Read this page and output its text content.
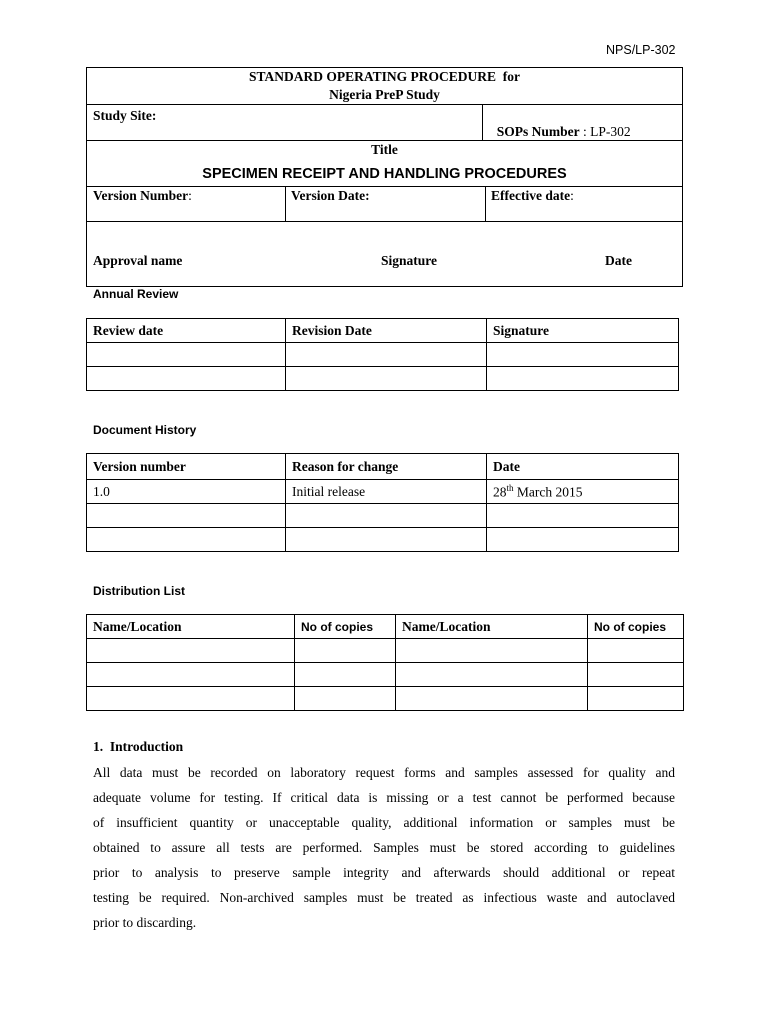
NPS/LP-302
STANDARD OPERATING PROCEDURE  for
Nigeria PreP Study
Study Site:

SOPs Number : LP-302

Title
SPECIMEN RECEIPT AND HANDLING PROCEDURES
Version Number:	Version Date:	Effective date:
Approval name	Signature	Date
Annual Review
Review date	Revision Date	Signature

Document History
Version number	Reason for change	Date
1.0	Initial release	28th March 2015

Distribution List
Name/Location	No of copies	Name/Location	No of copies

1. Introduction
All data must be recorded on laboratory request forms and samples assessed for quality and
adequate volume for testing. If critical data is missing or a test cannot be performed because
of insufficient quantity or unacceptable quality, additional information or samples must be
obtained to assure all tests are performed. Samples must be stored according to guidelines
prior to analysis to preserve sample integrity and afterwards should additional or repeat
testing be required. Non-archived samples must be treated as infectious waste and autoclaved
prior to discarding.
